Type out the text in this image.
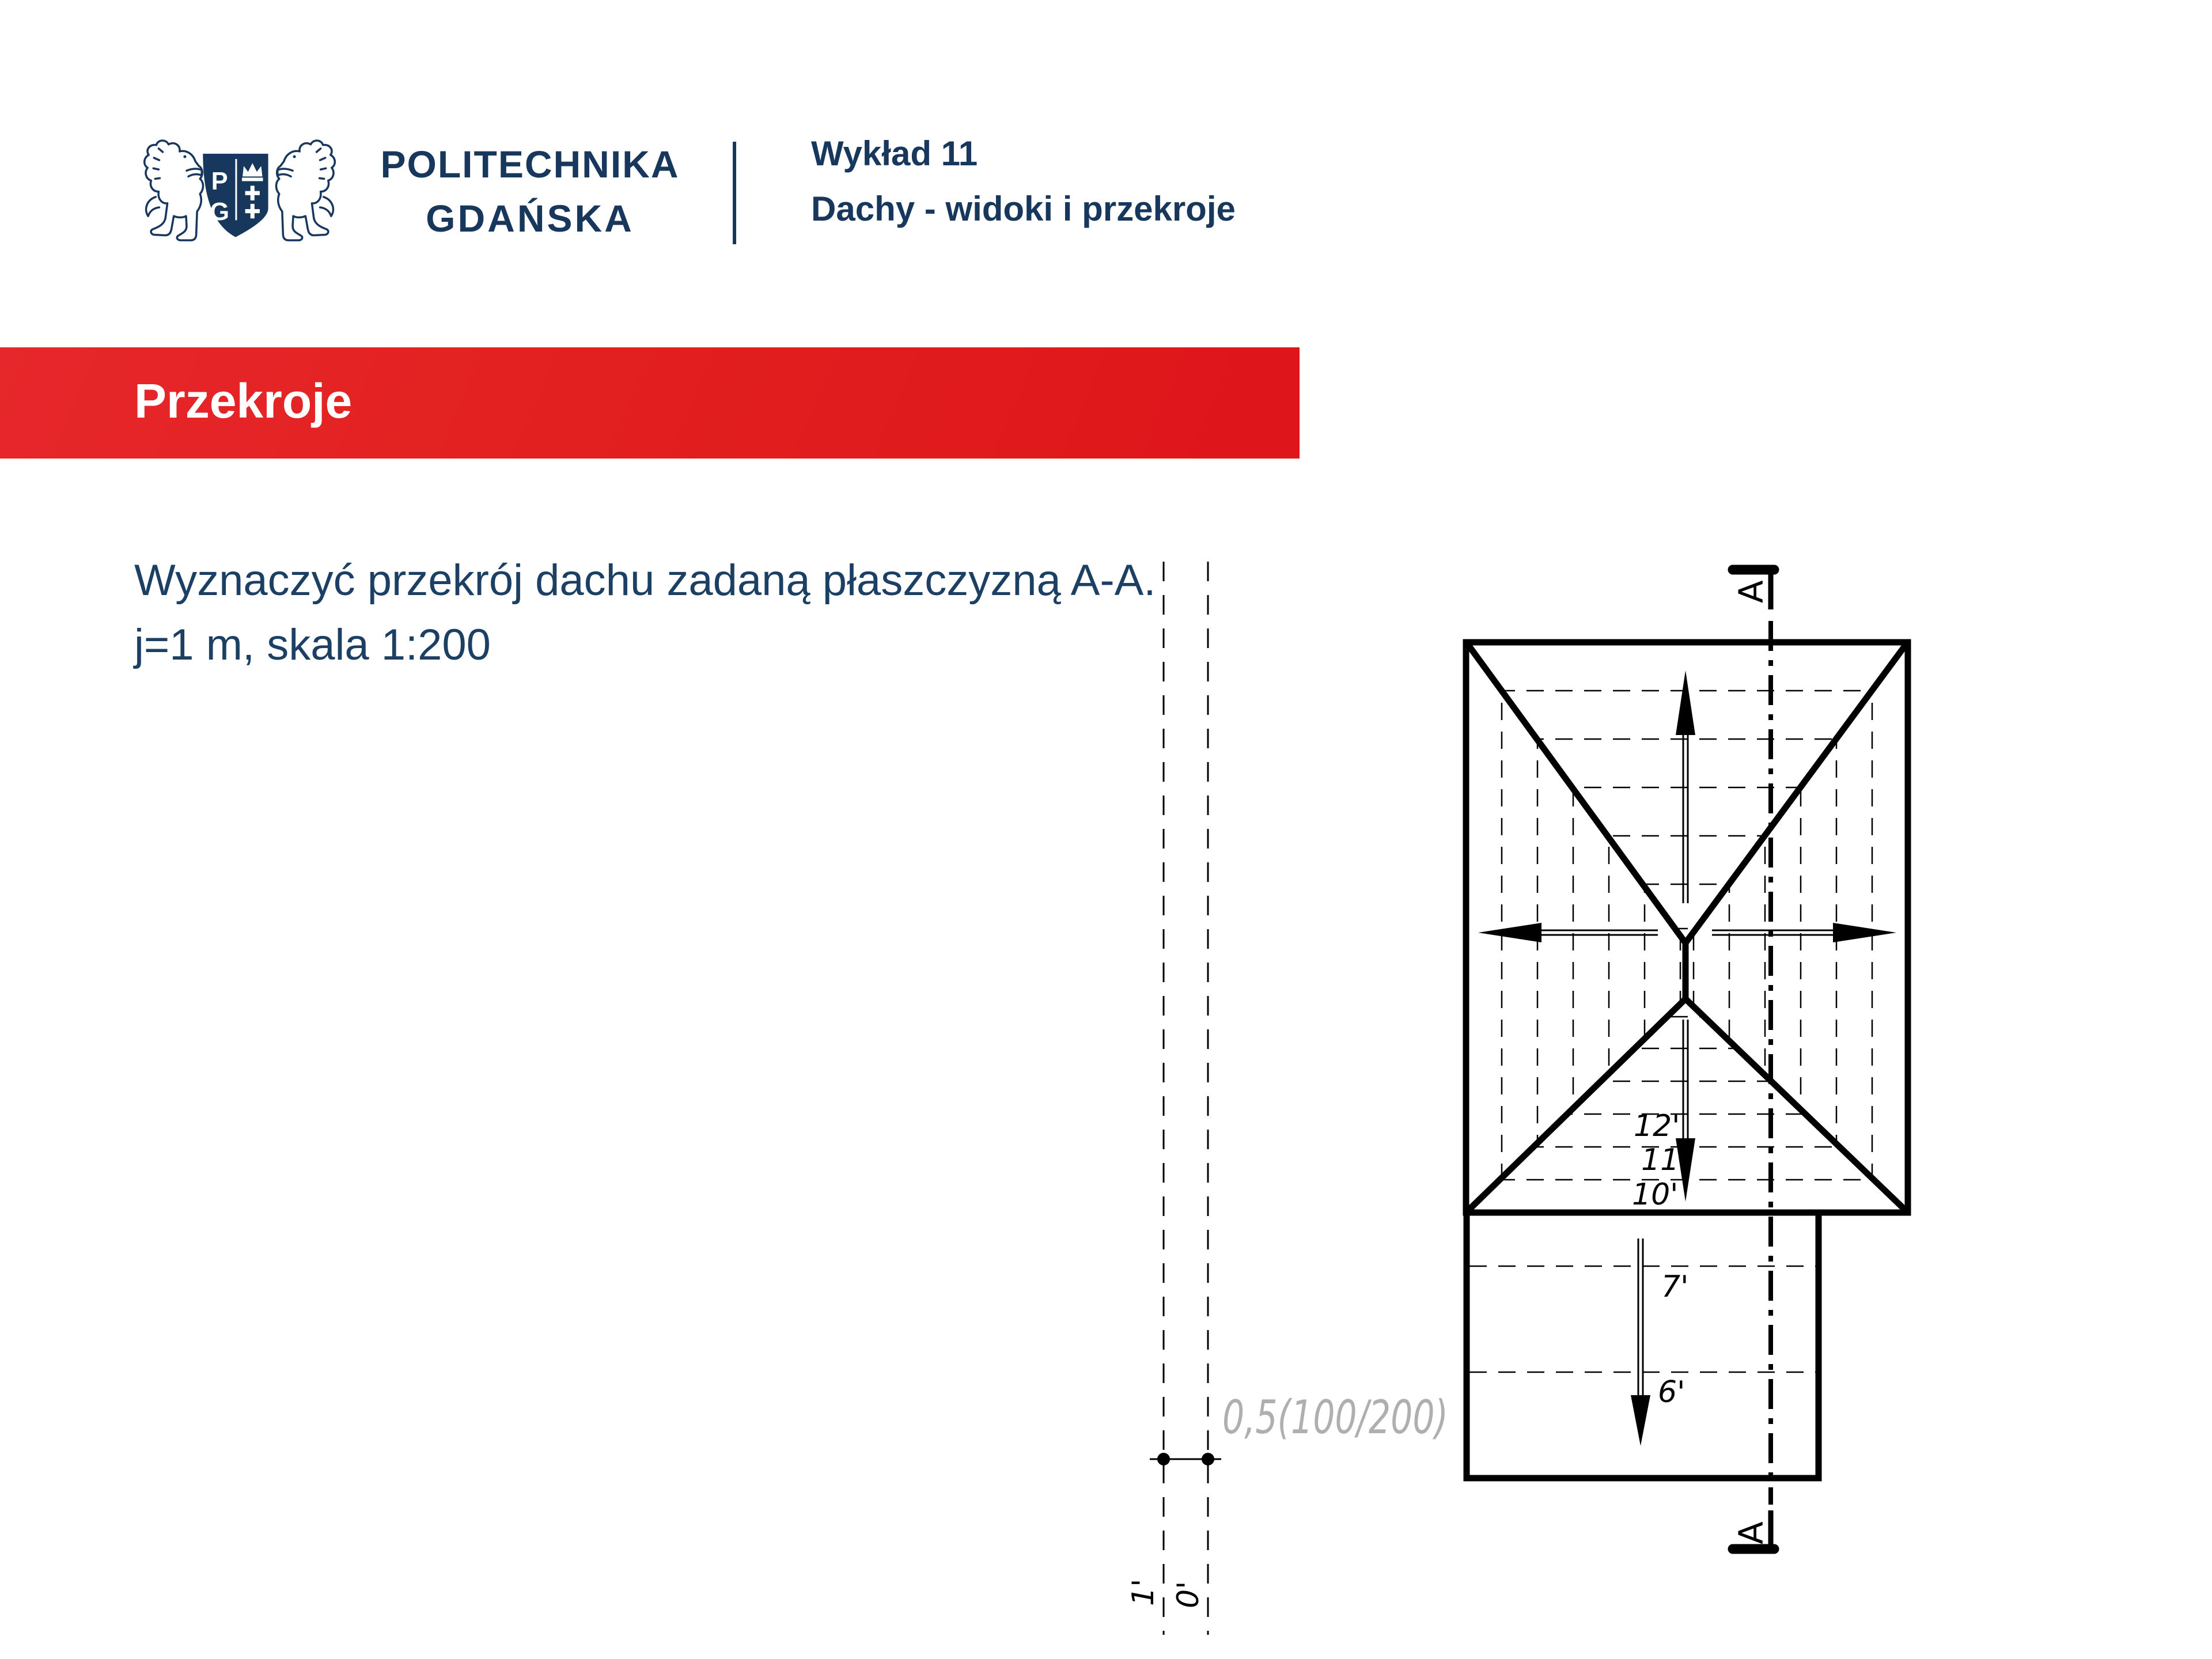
P
G
POLITECHNIKA
GDAŃSKA
Wykład 11
Dachy - widoki i przekroje
Przekroje
Wyznaczyć przekrój dachu zadaną płaszczyzną A-A.
j=1 m, skala 1:200
0,5(100/200)
1' 0'
A
A
12'
11'
10'
7'
6'
